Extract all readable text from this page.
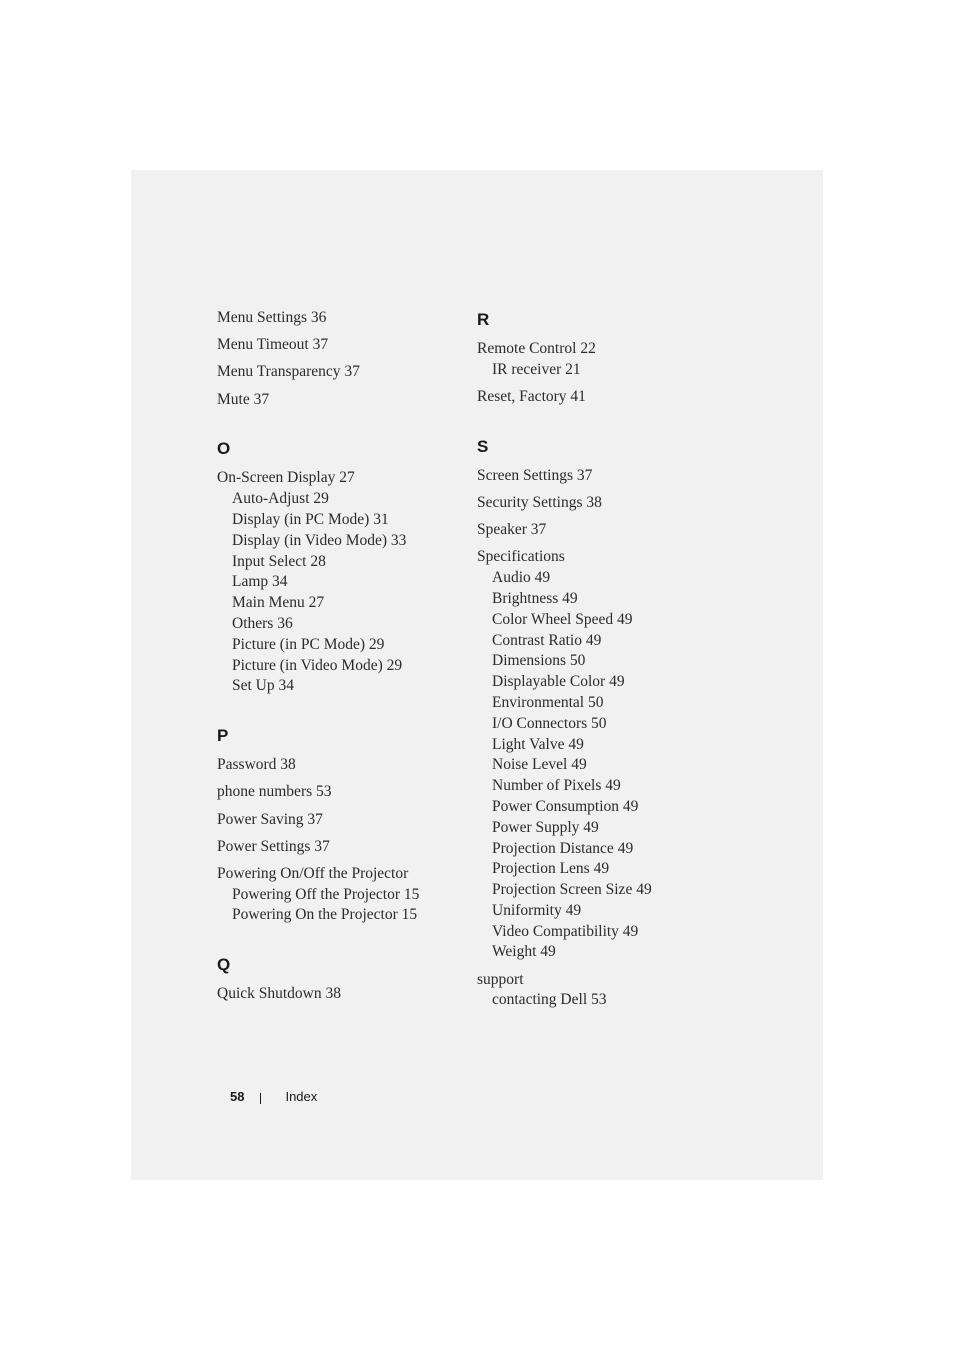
Menu Settings 36
Menu Timeout 37
Menu Transparency 37
Mute 37
O
On-Screen Display 27
Auto-Adjust 29
Display (in PC Mode) 31
Display (in Video Mode) 33
Input Select 28
Lamp 34
Main Menu 27
Others 36
Picture (in PC Mode) 29
Picture (in Video Mode) 29
Set Up 34
P
Password 38
phone numbers 53
Power Saving 37
Power Settings 37
Powering On/Off the Projector
Powering Off the Projector 15
Powering On the Projector 15
Q
Quick Shutdown 38
R
Remote Control 22
IR receiver 21
Reset, Factory 41
S
Screen Settings 37
Security Settings 38
Speaker 37
Specifications
Audio 49
Brightness 49
Color Wheel Speed 49
Contrast Ratio 49
Dimensions 50
Displayable Color 49
Environmental 50
I/O Connectors 50
Light Valve 49
Noise Level 49
Number of Pixels 49
Power Consumption 49
Power Supply 49
Projection Distance 49
Projection Lens 49
Projection Screen Size 49
Uniformity 49
Video Compatibility 49
Weight 49
support
contacting Dell 53
58	Index
